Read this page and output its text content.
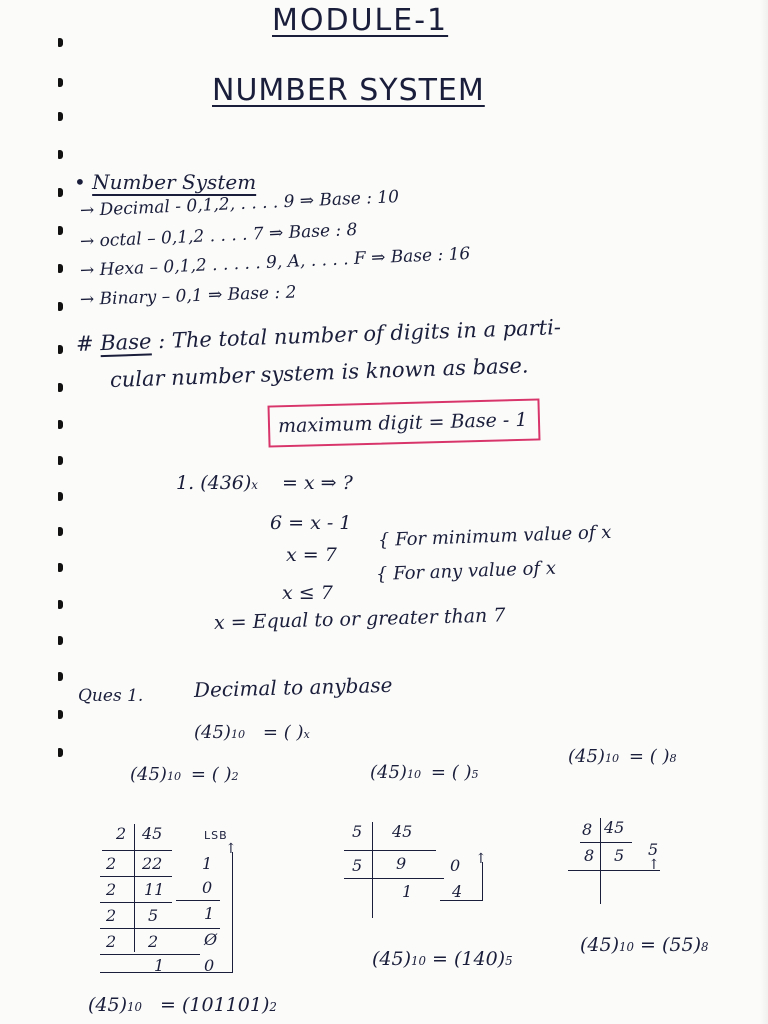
MODULE-1
NUMBER SYSTEM
• Number System
→ Decimal - 0,1,2, . . . . 9 ⇒ Base : 10
→ octal – 0,1,2 . . . . 7 ⇒ Base : 8
→ Hexa – 0,1,2 . . . . . 9, A, . . . . F ⇒ Base : 16
→ Binary – 0,1 ⇒ Base : 2
# Base : The total number of digits in a parti-
cular number system is known as base.
maximum digit = Base - 1
1. (436)x = x ⇒ ?
6 = x - 1
x = 7
{ For minimum value of x
x ≤ 7
{ For any value of x
x = Equal to or greater than 7
Ques 1.	Decimal to anybase
(45)10 = ( )x
(45)10 = ( )2	(45)10 = ( )5
(45)10 = ( )8
2 45	LSB
↑
2 22 1
2 11 0
2 5	1
2 2	Ø
1 0
5 45
5 9	0
1 4
↑
8 45
8 5 5
↑
(45)10 = (140)5
(45)10 = (55)8
(45)10 = (101101)2
